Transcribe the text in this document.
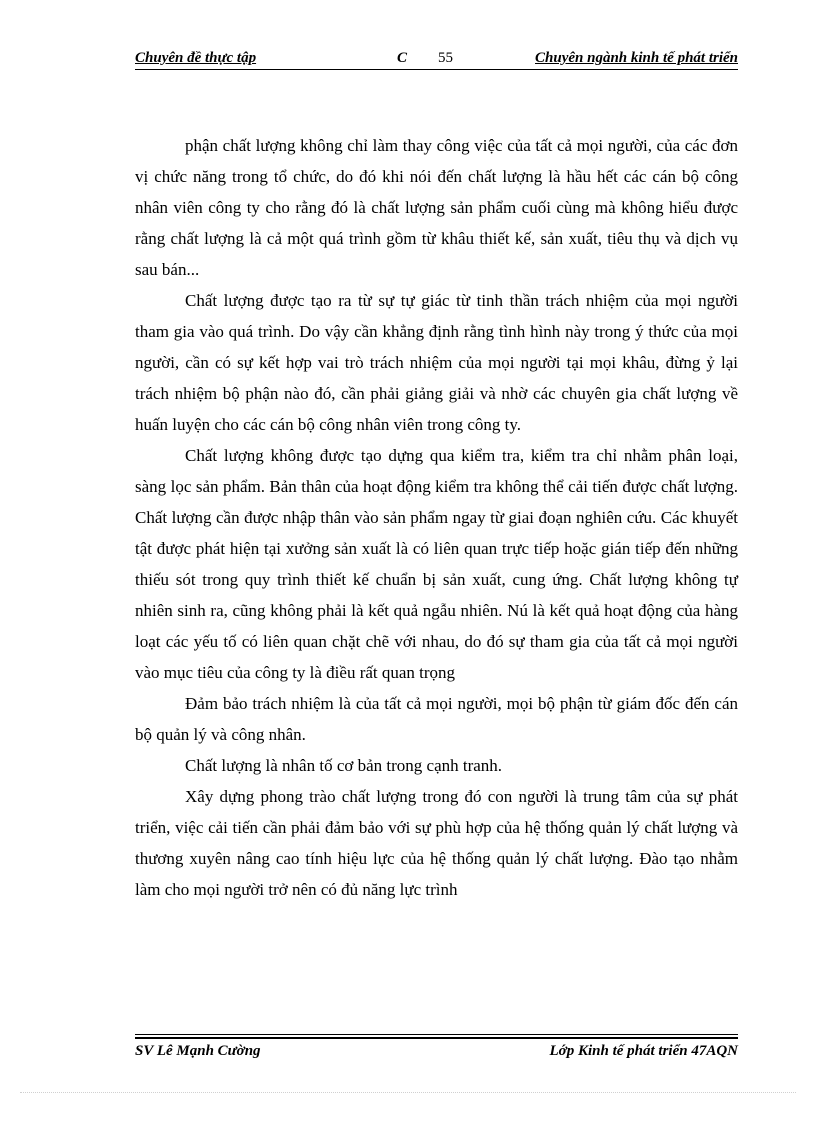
Chuyên đề thực tập	C 55	Chuyên ngành kinh tế phát triển

phận chất lượng không chỉ làm thay công việc của tất cả mọi người, của các đơn vị chức năng trong tổ chức, do đó khi nói đến chất lượng là hầu hết các cán bộ công nhân viên công ty cho rằng đó là chất lượng sản phẩm cuối cùng mà không hiểu được rằng chất lượng là cả một quá trình gồm từ khâu thiết kế, sản xuất, tiêu thụ và dịch vụ sau bán...

Chất lượng được tạo ra từ sự tự giác từ tinh thần trách nhiệm của mọi người tham gia vào quá trình. Do vậy cần khẳng định rằng tình hình này trong ý thức của mọi người, cần có sự kết hợp vai trò trách nhiệm của mọi người tại mọi khâu, đừng ỷ lại trách nhiệm bộ phận nào đó, cần phải giảng giải và nhờ các chuyên gia chất lượng về huấn luyện cho các cán bộ công nhân viên trong công ty.

Chất lượng không được tạo dựng qua kiểm tra, kiểm tra chỉ nhằm phân loại, sàng lọc sản phẩm. Bản thân của hoạt động kiểm tra không thể cải tiến được chất lượng. Chất lượng cần được nhập thân vào sản phẩm ngay từ giai đoạn nghiên cứu. Các khuyết tật được phát hiện tại xưởng sản xuất là có liên quan trực tiếp hoặc gián tiếp đến những thiếu sót trong quy trình thiết kế chuẩn bị sản xuất, cung ứng. Chất lượng không tự nhiên sinh ra, cũng không phải là kết quả ngẫu nhiên. Nú là kết quả hoạt động của hàng loạt các yếu tố có liên quan chặt chẽ với nhau, do đó sự tham gia của tất cả mọi người vào mục tiêu của công ty là điều rất quan trọng

Đảm bảo trách nhiệm là của tất cả mọi người, mọi bộ phận từ giám đốc đến cán bộ quản lý và công nhân.

Chất lượng là nhân tố cơ bản trong cạnh tranh.

Xây dựng phong trào chất lượng trong đó con người là trung tâm của sự phát triển, việc cải tiến cần phải đảm bảo với sự phù hợp của hệ thống quản lý chất lượng và thương xuyên nâng cao tính hiệu lực của hệ thống quản lý chất lượng. Đào tạo nhằm làm cho mọi người trở nên có đủ năng lực trình

SV Lê Mạnh Cường	Lớp Kinh tế phát triển 47AQN
